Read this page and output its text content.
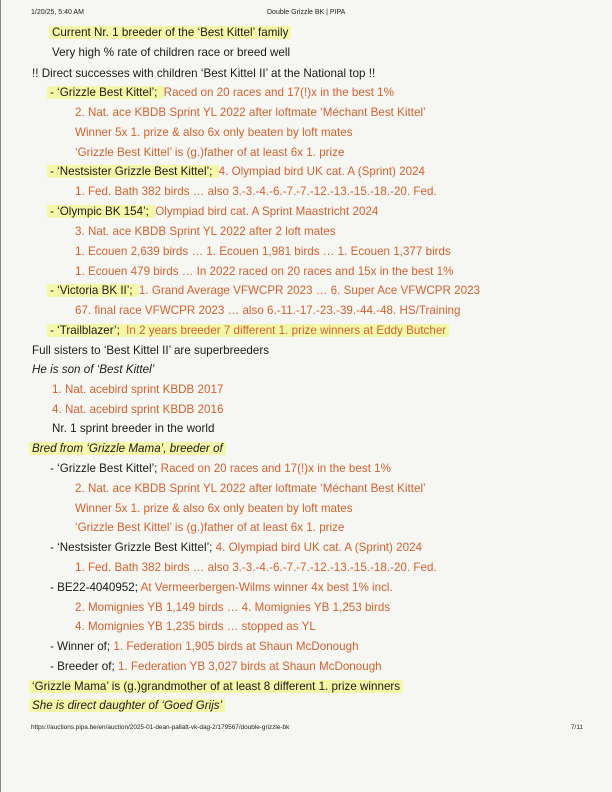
1/20/25, 5:40 AM	Double Grizzle BK | PIPA
Current Nr. 1 breeder of the ‘Best Kittel’ family
Very high % rate of children race or breed well
!! Direct successes with children ‘Best Kittel II’ at the National top !!
- ‘Grizzle Best Kittel’; Raced on 20 races and 17(!)x in the best 1%
2. Nat. ace KBDB Sprint YL 2022 after loftmate ‘Méchant Best Kittel’
Winner 5x 1. prize & also 6x only beaten by loft mates
‘Grizzle Best Kittel’ is (g.)father of at least 6x 1. prize
- ‘Nestsister Grizzle Best Kittel’; 4. Olympiad bird UK cat. A (Sprint) 2024
1. Fed. Bath 382 birds … also 3.-3.-4.-6.-7.-7.-12.-13.-15.-18.-20. Fed.
- ‘Olympic BK 154’; Olympiad bird cat. A Sprint Maastricht 2024
3. Nat. ace KBDB Sprint YL 2022 after 2 loft mates
1. Ecouen 2,639 birds … 1. Ecouen 1,981 birds … 1. Ecouen 1,377 birds
1. Ecouen 479 birds … In 2022 raced on 20 races and 15x in the best 1%
- ‘Victoria BK II’; 1. Grand Average VFWCPR 2023 … 6. Super Ace VFWCPR 2023
67. final race VFWCPR 2023 … also 6.-11.-17.-23.-39.-44.-48. HS/Training
- ‘Trailblazer’; In 2 years breeder 7 different 1. prize winners at Eddy Butcher
Full sisters to ‘Best Kittel II’ are superbreeders
He is son of ‘Best Kittel’
1. Nat. acebird sprint KBDB 2017
4. Nat. acebird sprint KBDB 2016
Nr. 1 sprint breeder in the world
Bred from ‘Grizzle Mama’, breeder of
- ‘Grizzle Best Kittel’; Raced on 20 races and 17(!)x in the best 1%
2. Nat. ace KBDB Sprint YL 2022 after loftmate ‘Méchant Best Kittel’
Winner 5x 1. prize & also 6x only beaten by loft mates
‘Grizzle Best Kittel’ is (g.)father of at least 6x 1. prize
- ‘Nestsister Grizzle Best Kittel’; 4. Olympiad bird UK cat. A (Sprint) 2024
1. Fed. Bath 382 birds … also 3.-3.-4.-6.-7.-7.-12.-13.-15.-18.-20. Fed.
- BE22-4040952; At Vermeerbergen-Wilms winner 4x best 1% incl.
2. Momignies YB 1,149 birds … 4. Momignies YB 1,253 birds
4. Momignies YB 1,235 birds … stopped as YL
- Winner of; 1. Federation 1,905 birds at Shaun McDonough
- Breeder of; 1. Federation YB 3,027 birds at Shaun McDonough
‘Grizzle Mama’ is (g.)grandmother of at least 8 different 1. prize winners
She is direct daughter of ‘Goed Grijs’
https://auctions.pipa.be/en/auction/2025-01-dean-pallatt-vk-dag-2/179567/double-grizzle-bk	7/11
